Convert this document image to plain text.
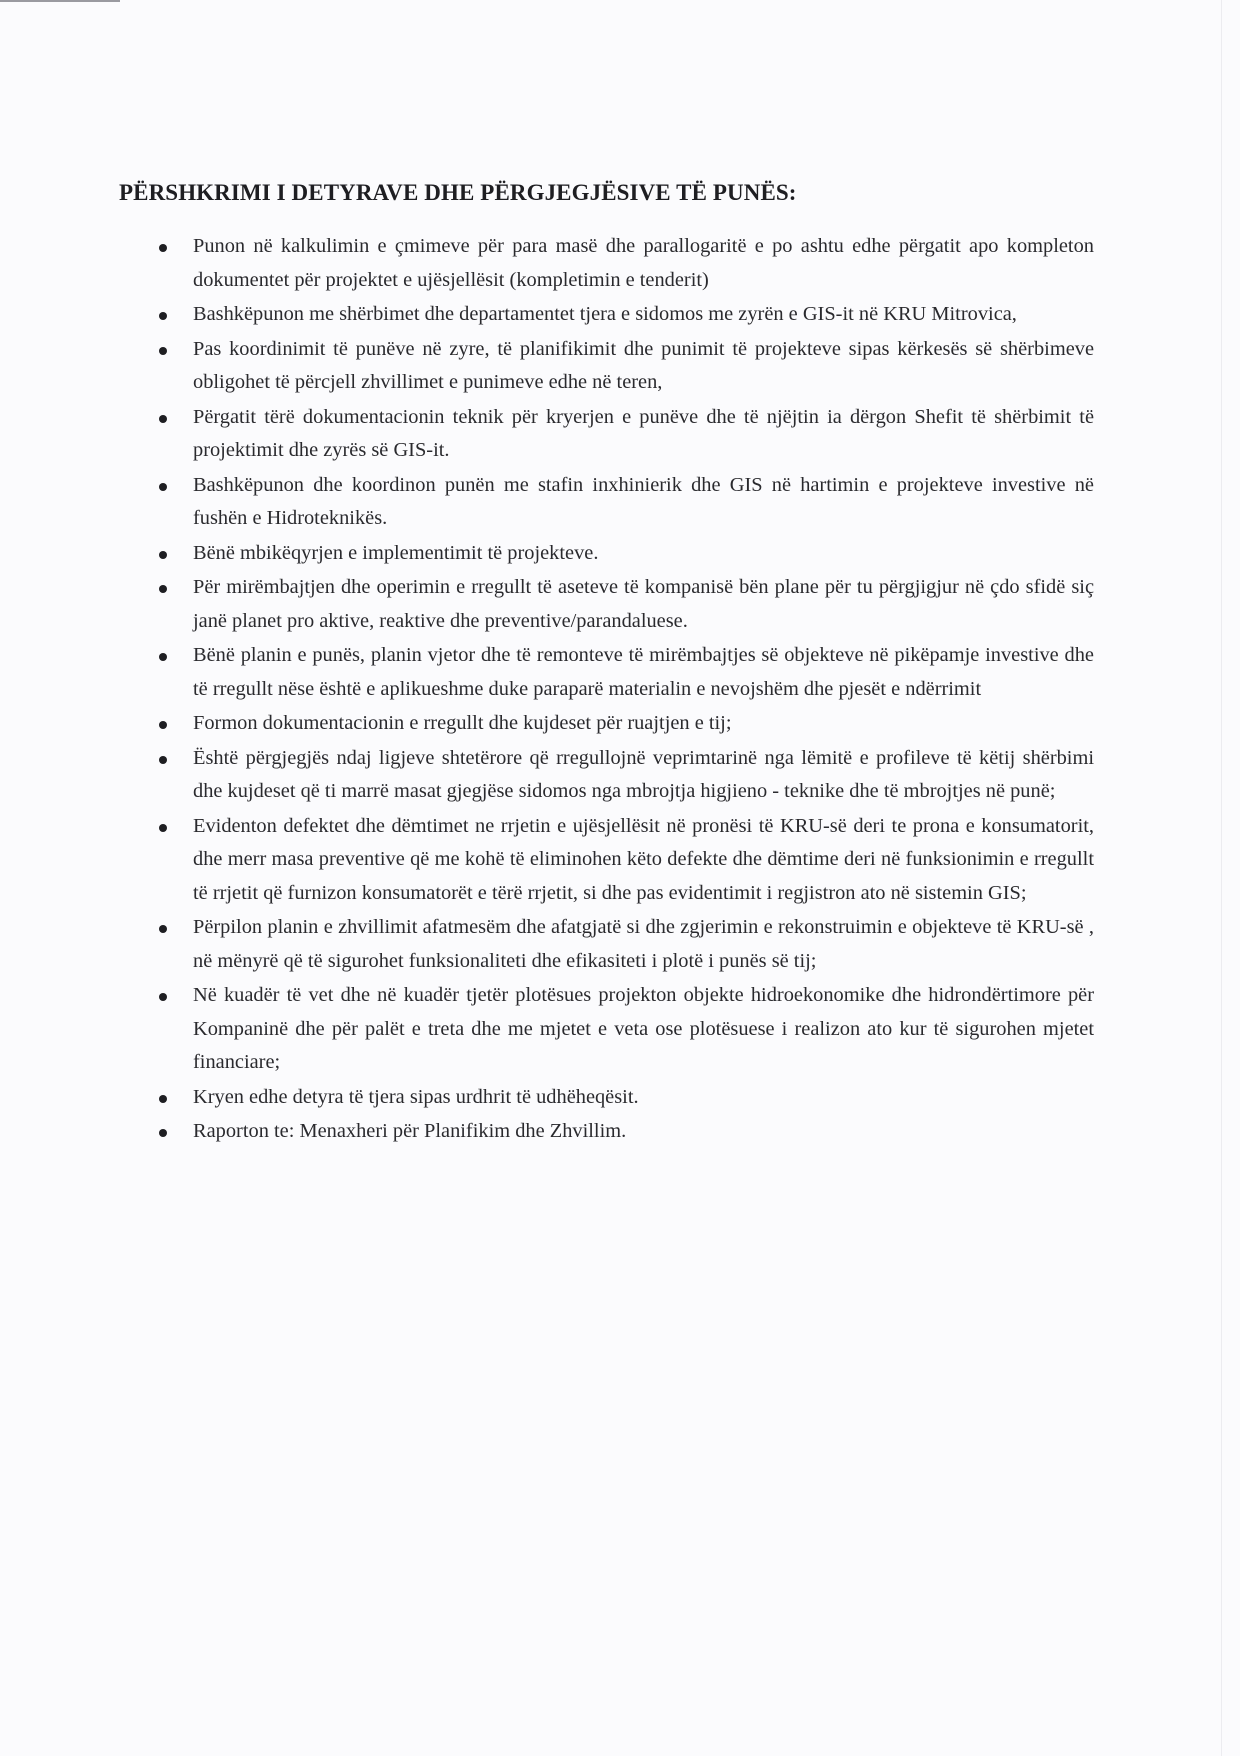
PËRSHKRIMI I DETYRAVE DHE PËRGJEGJËSIVE TË PUNËS:
Punon në kalkulimin e çmimeve për para masë dhe parallogaritë e po ashtu edhe përgatit apo kompleton dokumentet për projektet e ujësjellësit (kompletimin e tenderit)
Bashkëpunon me shërbimet dhe departamentet tjera e sidomos me zyrën e GIS-it në KRU Mitrovica,
Pas koordinimit të punëve në zyre, të planifikimit dhe punimit të projekteve sipas kërkesës së shërbimeve obligohet të përcjell zhvillimet e punimeve edhe në teren,
Përgatit tërë dokumentacionin teknik për kryerjen e punëve dhe të njëjtin ia dërgon Shefit të shërbimit të projektimit dhe zyrës së GIS-it.
Bashkëpunon dhe koordinon punën me stafin inxhinierik dhe GIS në hartimin e projekteve investive në fushën e Hidroteknikës.
Bënë mbikëqyrjen e implementimit të projekteve.
Për mirëmbajtjen dhe operimin e rregullt të aseteve të kompanisë bën plane për tu përgjigjur në çdo sfidë siç janë planet pro aktive, reaktive dhe preventive/parandaluese.
Bënë planin e punës, planin vjetor dhe të remonteve të mirëmbajtjes së objekteve në pikëpamje investive dhe të rregullt nëse është e aplikueshme duke paraparë materialin e nevojshëm dhe pjesët e ndërrimit
Formon dokumentacionin e rregullt dhe kujdeset për ruajtjen e tij;
Është përgjegjës ndaj ligjeve shtetërore që rregullojnë veprimtarinë nga lëmitë e profileve të këtij shërbimi dhe kujdeset që ti marrë masat gjegjëse sidomos nga mbrojtja higjieno - teknike dhe të mbrojtjes në punë;
Evidenton defektet dhe dëmtimet ne rrjetin e ujësjellësit në pronësi të KRU-së deri te prona e konsumatorit, dhe merr masa preventive që me kohë të eliminohen këto defekte dhe dëmtime deri në funksionimin e rregullt të rrjetit që furnizon konsumatorët e tërë rrjetit, si dhe pas evidentimit i regjistron ato në sistemin GIS;
Përpilon planin e zhvillimit afatmesëm dhe afatgjatë si dhe zgjerimin e rekonstruimin e objekteve të KRU-së , në mënyrë që të sigurohet funksionaliteti dhe efikasiteti i plotë i punës së tij;
Në kuadër të vet dhe në kuadër tjetër plotësues projekton objekte hidroekonomike dhe hidrondërtimore për Kompaninë dhe për palët e treta dhe me mjetet e veta ose plotësuese i realizon ato kur të sigurohen mjetet financiare;
Kryen edhe detyra të tjera sipas urdhrit të udhëheqësit.
Raporton te: Menaxheri për Planifikim dhe Zhvillim.
